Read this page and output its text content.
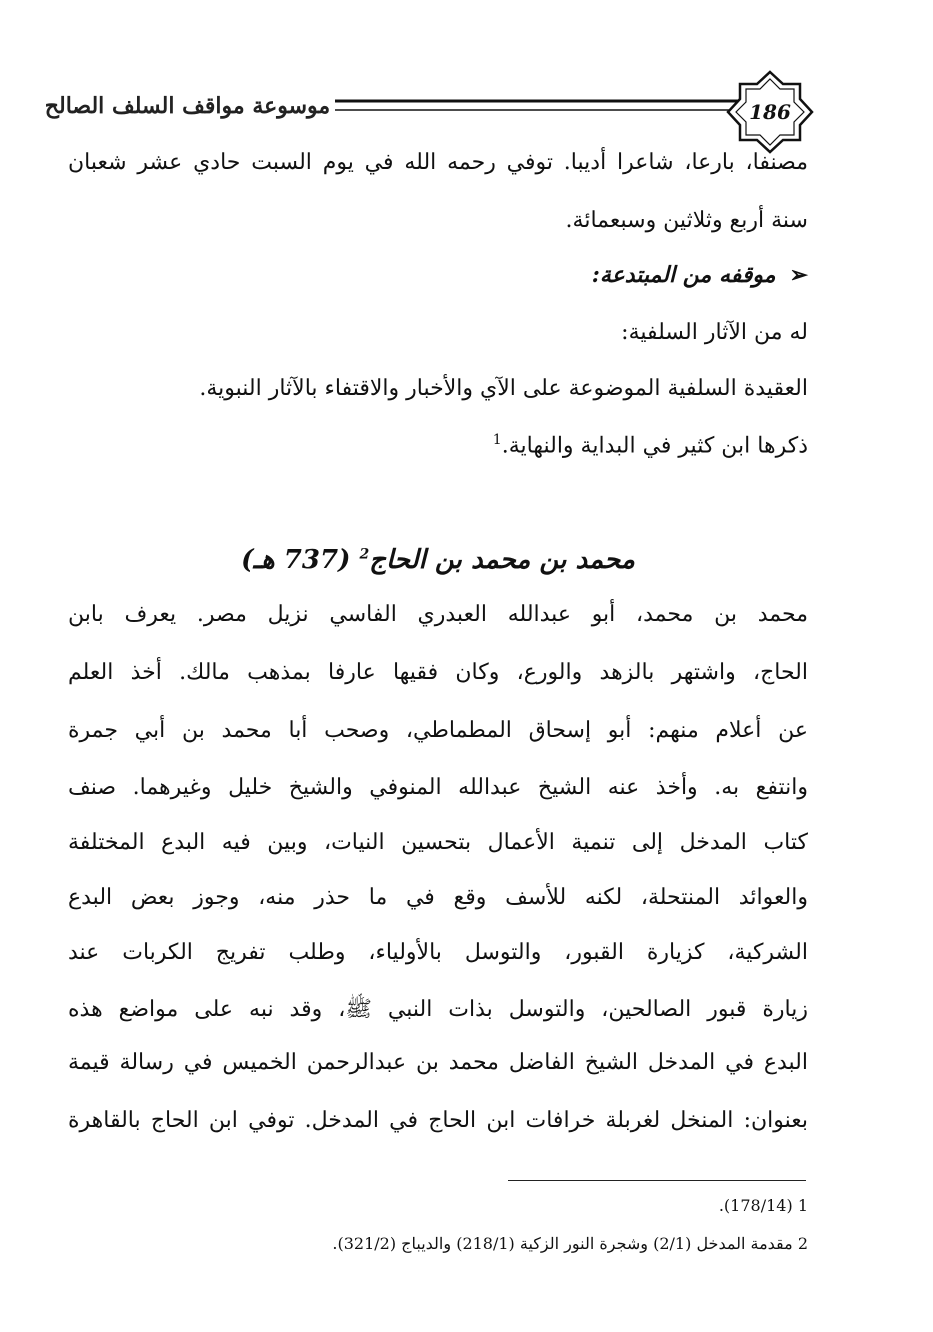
186
موسوعة مواقف السلف الصالح
مصنفا، بارعا، شاعرا أديبا. توفي رحمه الله في يوم السبت حادي عشر شعبان
سنة أربع وثلاثين وسبعمائة.
➢موقفه من المبتدعة:
له من الآثار السلفية:
العقيدة السلفية الموضوعة على الآي والأخبار والاقتفاء بالآثار النبوية.
ذكرها ابن كثير في البداية والنهاية.$^1$
محمد بن محمد بن الحاج$^2$ (737 هـ)
محمد بن محمد، أبو عبدالله العبدري الفاسي نزيل مصر. يعرف بابن
الحاج، واشتهر بالزهد والورع، وكان فقيها عارفا بمذهب مالك. أخذ العلم
عن أعلام منهم: أبو إسحاق المطماطي، وصحب أبا محمد بن أبي جمرة
وانتفع به. وأخذ عنه الشيخ عبدالله المنوفي والشيخ خليل وغيرهما. صنف
كتاب المدخل إلى تنمية الأعمال بتحسين النيات، وبين فيه البدع المختلفة
والعوائد المنتحلة، لكنه للأسف وقع في ما حذر منه، وجوز بعض البدع
الشركية، كزيارة القبور، والتوسل بالأولياء، وطلب تفريج الكربات عند
زيارة قبور الصالحين، والتوسل بذات النبي ﷺ، وقد نبه على مواضع هذه
البدع في المدخل الشيخ الفاضل محمد بن عبدالرحمن الخميس في رسالة قيمة
بعنوان: المنخل لغربلة خرافات ابن الحاج في المدخل. توفي ابن الحاج بالقاهرة
1 (178/14).
2 مقدمة المدخل (2/1) وشجرة النور الزكية (218/1) والديباج (321/2).
